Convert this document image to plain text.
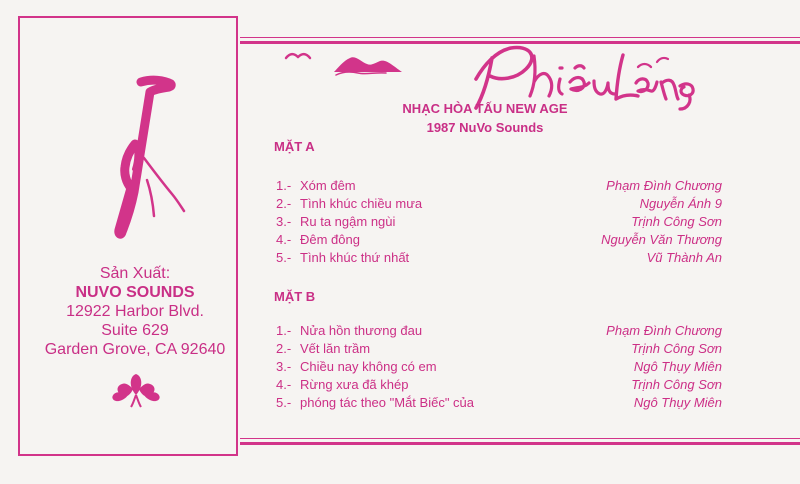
Sản Xuất:
NUVO SOUNDS
12922 Harbor Blvd.
Suite 629
Garden Grove, CA 92640
NHẠC HÒA TẤU NEW AGE
1987 NuVo Sounds
MẶT A
1.- Xóm đêm	Phạm Đình Chương
2.- Tình khúc chiều mưa	Nguyễn Ánh 9
3.- Ru ta ngậm ngùi	Trịnh Công Sơn
4.- Đêm đông	Nguyễn Văn Thương
5.- Tình khúc thứ nhất	Vũ Thành An
MẶT B
1.- Nửa hồn thương đau	Phạm Đình Chương
2.- Vết lăn trầm	Trịnh Công Sơn
3.- Chiều nay không có em	Ngô Thụy Miên
4.- Rừng xưa đã khép	Trịnh Công Sơn
5.- phóng tác theo "Mắt Biếc" của	Ngô Thụy Miên
